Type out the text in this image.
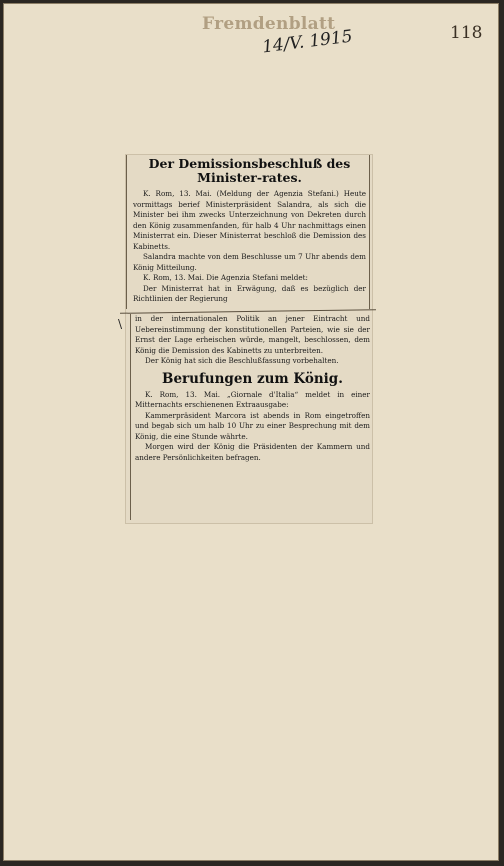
Fremdenblatt
14/V. 1915	118
Der Demissionsbeschluß des Minister-rates.

K. Rom, 13. Mai. (Meldung der Agenzia Stefani.) Heute vormittags berief Ministerpräsident Salandra, als sich die Minister bei ihm zwecks Unterzeichnung von Dekreten durch den König zusammenfanden, für halb 4 Uhr nachmittags einen Ministerrat ein. Dieser Ministerrat beschloß die Demission des Kabinetts.

Salandra machte von dem Beschlusse um 7 Uhr abends dem König Mitteilung.

K. Rom, 13. Mai. Die Agenzia Stefani meldet:

Der Ministerrat hat in Erwägung, daß es bezüglich der Richtlinien der Regierung

\ in der internationalen Politik an jener Eintracht und Uebereinstimmung der konstitutionellen Parteien, wie sie der Ernst der Lage erheischen würde, mangelt, beschlossen, dem König die Demission des Kabinetts zu unterbreiten.

Der König hat sich die Beschlußfassung vorbehalten.

Berufungen zum König.

K. Rom, 13. Mai. „Giornale d'Italia“ meldet in einer Mitternachts erschienenen Extraausgabe:

Kammerpräsident Marcora ist abends in Rom eingetroffen und begab sich um halb 10 Uhr zu einer Besprechung mit dem König, die eine Stunde währte.

Morgen wird der König die Präsidenten der Kammern und andere Persönlichkeiten befragen.
